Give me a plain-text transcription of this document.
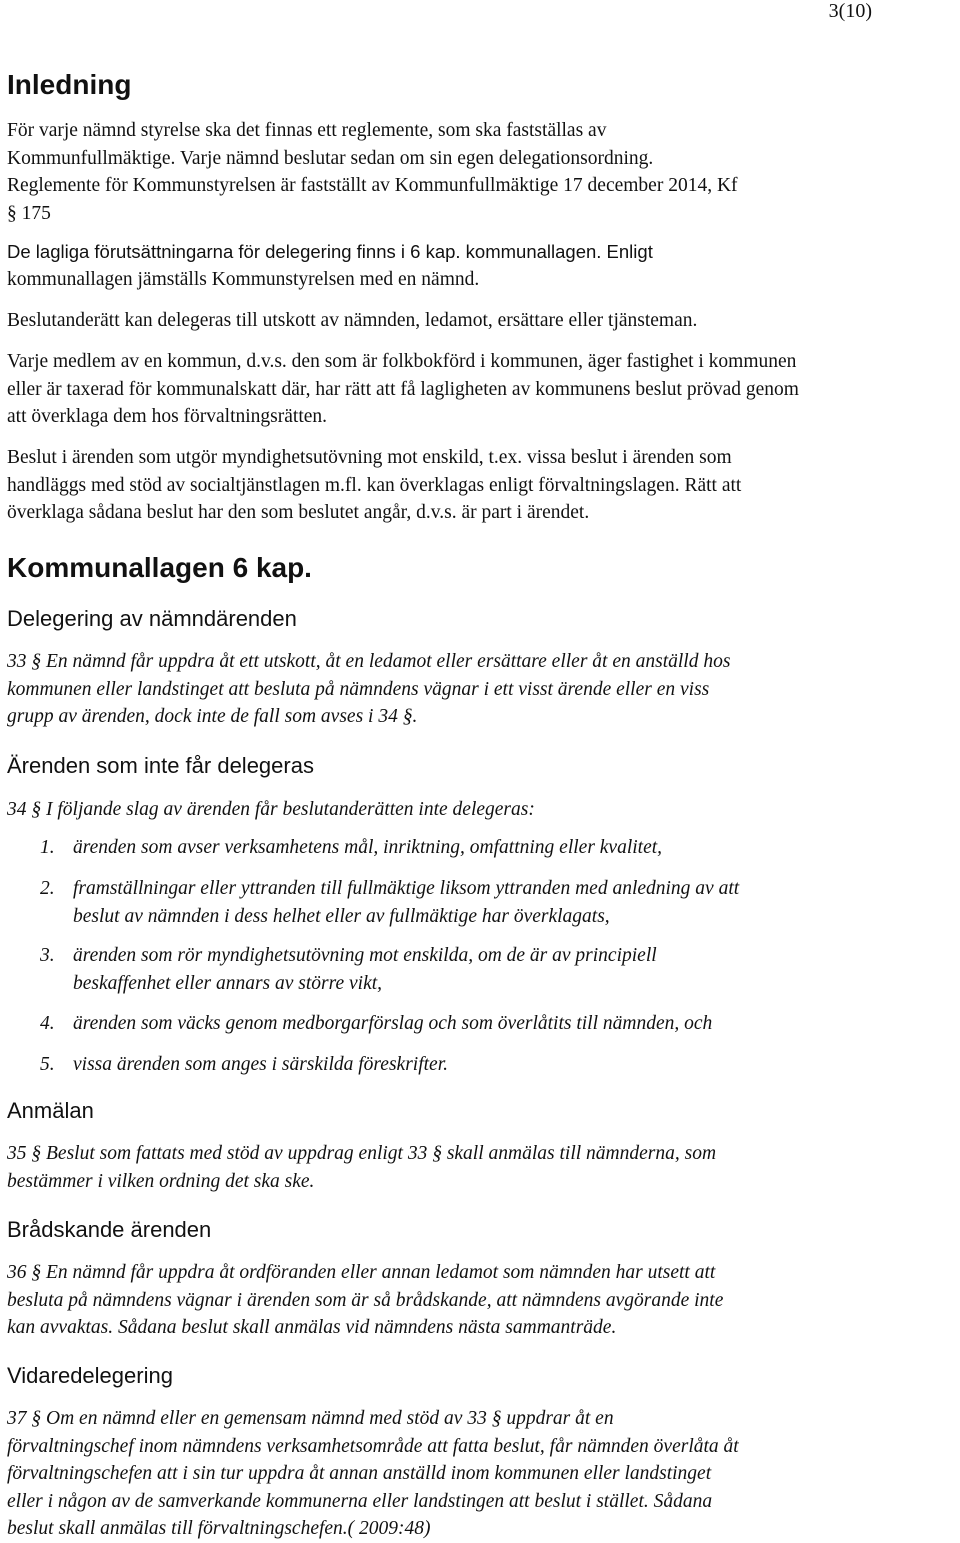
3(10)
Inledning
För varje nämnd styrelse ska det finnas ett reglemente, som ska fastställas av
Kommunfullmäktige. Varje nämnd beslutar sedan om sin egen delegationsordning.
Reglemente för Kommunstyrelsen är fastställt av Kommunfullmäktige 17 december 2014, Kf
§ 175
De lagliga förutsättningarna för delegering finns i 6 kap. kommunallagen. Enligt
kommunallagen jämställs Kommunstyrelsen med en nämnd.
Beslutanderätt kan delegeras till utskott av nämnden, ledamot, ersättare eller tjänsteman.
Varje medlem av en kommun, d.v.s. den som är folkbokförd i kommunen, äger fastighet i kommunen
eller är taxerad för kommunalskatt där, har rätt att få lagligheten av kommunens beslut prövad genom
att överklaga dem hos förvaltningsrätten.
Beslut i ärenden som utgör myndighetsutövning mot enskild, t.ex. vissa beslut i ärenden som
handläggs med stöd av socialtjänstlagen m.fl. kan överklagas enligt förvaltningslagen. Rätt att
överklaga sådana beslut har den som beslutet angår, d.v.s. är part i ärendet.
Kommunallagen 6 kap.
Delegering av nämndärenden
33 § En nämnd får uppdra åt ett utskott, åt en ledamot eller ersättare eller åt en anställd hos
kommunen eller landstinget att besluta på nämndens vägnar i ett visst ärende eller en viss
grupp av ärenden, dock inte de fall som avses i 34 §.
Ärenden som inte får delegeras
34 § I följande slag av ärenden får beslutanderätten inte delegeras:
1. ärenden som avser verksamhetens mål, inriktning, omfattning eller kvalitet,
2. framställningar eller yttranden till fullmäktige liksom yttranden med anledning av att
beslut av nämnden i dess helhet eller av fullmäktige har överklagats,
3. ärenden som rör myndighetsutövning mot enskilda, om de är av principiell
beskaffenhet eller annars av större vikt,
4. ärenden som väcks genom medborgarförslag och som överlåtits till nämnden, och
5. vissa ärenden som anges i särskilda föreskrifter.
Anmälan
35 § Beslut som fattats med stöd av uppdrag enligt 33 § skall anmälas till nämnderna, som
bestämmer i vilken ordning det ska ske.
Brådskande ärenden
36 § En nämnd får uppdra åt ordföranden eller annan ledamot som nämnden har utsett att
besluta på nämndens vägnar i ärenden som är så brådskande, att nämndens avgörande inte
kan avvaktas. Sådana beslut skall anmälas vid nämndens nästa sammanträde.
Vidaredelegering
37 § Om en nämnd eller en gemensam nämnd med stöd av 33 § uppdrar åt en
förvaltningschef inom nämndens verksamhetsområde att fatta beslut, får nämnden överlåta åt
förvaltningschefen att i sin tur uppdra åt annan anställd inom kommunen eller landstinget
eller i någon av de samverkande kommunerna eller landstingen att beslut i stället. Sådana
beslut skall anmälas till förvaltningschefen.( 2009:48)
